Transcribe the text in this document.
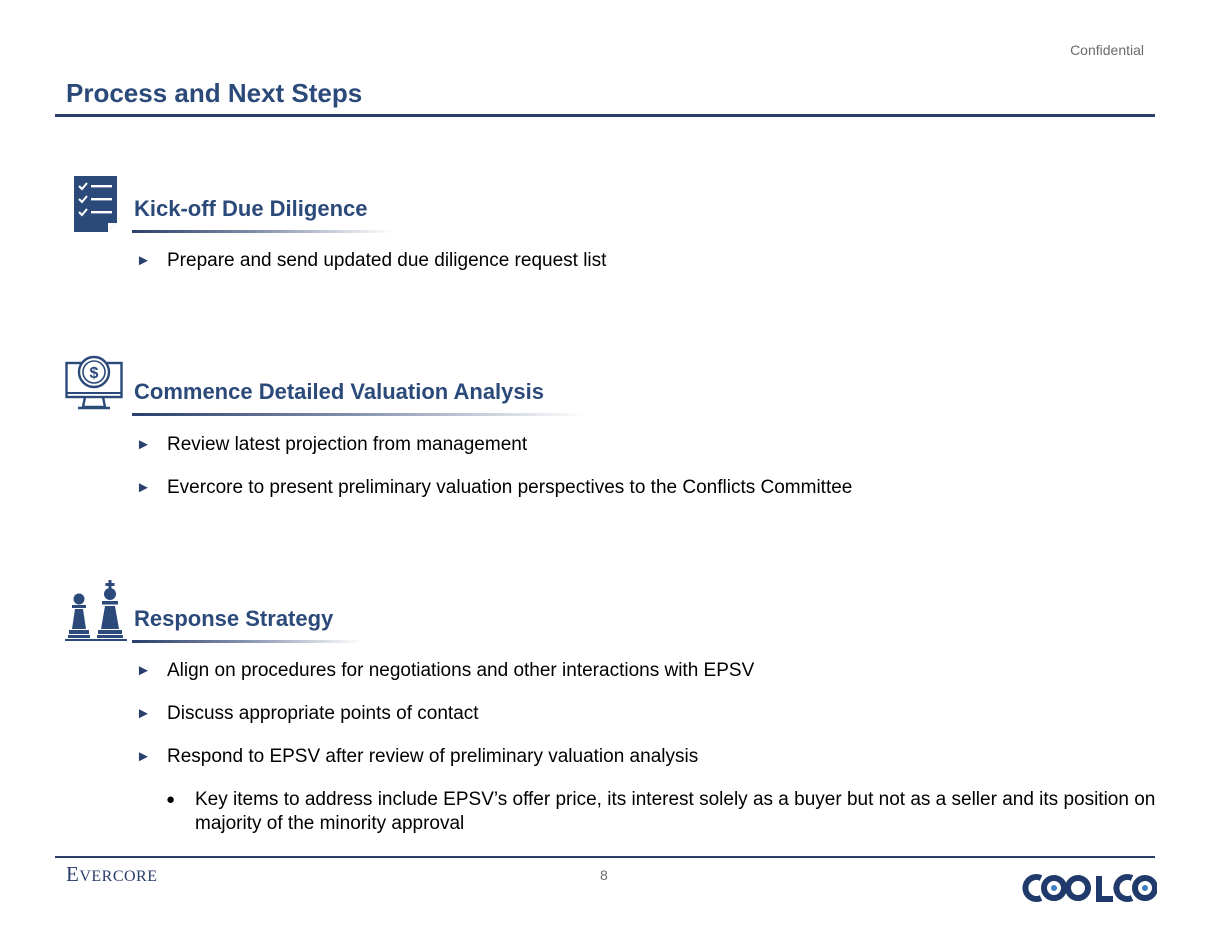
Confidential
Process and Next Steps
Kick-off Due Diligence
► Prepare and send updated due diligence request list
$
Commence Detailed Valuation Analysis
► Review latest projection from management
► Evercore to present preliminary valuation perspectives to the Conflicts Committee
Response Strategy
► Align on procedures for negotiations and other interactions with EPSV
► Discuss appropriate points of contact
► Respond to EPSV after review of preliminary valuation analysis
●	Key items to address include EPSV’s offer price, its interest solely as a buyer but not as a seller and its position on majority of the minority approval
EVERCORE	8
